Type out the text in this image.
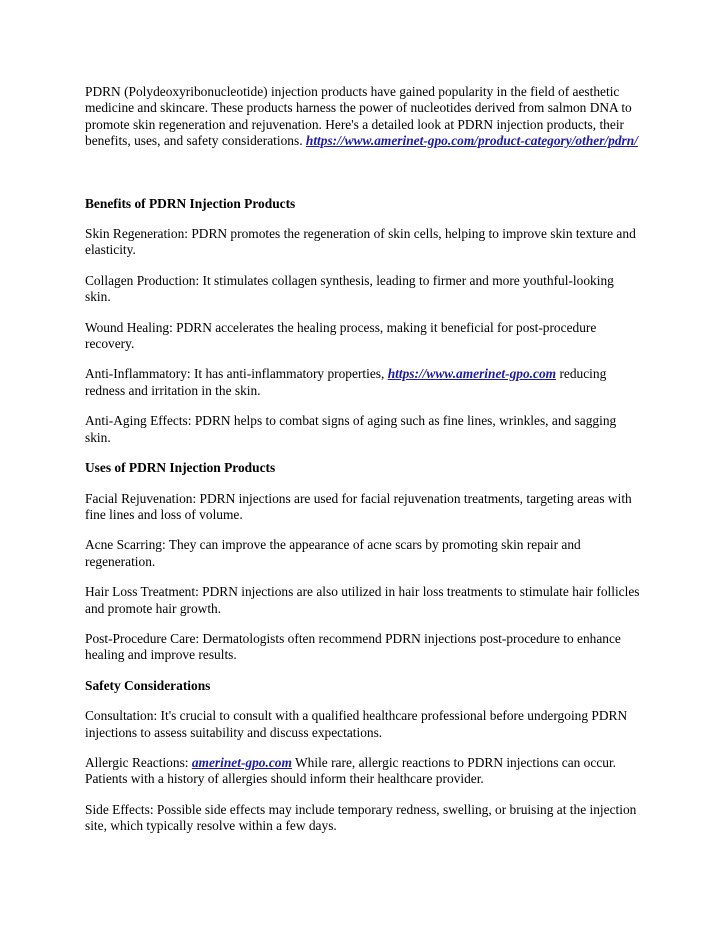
PDRN (Polydeoxyribonucleotide) injection products have gained popularity in the field of aesthetic medicine and skincare. These products harness the power of nucleotides derived from salmon DNA to promote skin regeneration and rejuvenation. Here's a detailed look at PDRN injection products, their benefits, uses, and safety considerations. https://www.amerinet-gpo.com/product-category/other/pdrn/

Benefits of PDRN Injection Products

Skin Regeneration: PDRN promotes the regeneration of skin cells, helping to improve skin texture and elasticity.

Collagen Production: It stimulates collagen synthesis, leading to firmer and more youthful-looking skin.

Wound Healing: PDRN accelerates the healing process, making it beneficial for post-procedure recovery.

Anti-Inflammatory: It has anti-inflammatory properties, https://www.amerinet-gpo.com reducing redness and irritation in the skin.

Anti-Aging Effects: PDRN helps to combat signs of aging such as fine lines, wrinkles, and sagging skin.

Uses of PDRN Injection Products

Facial Rejuvenation: PDRN injections are used for facial rejuvenation treatments, targeting areas with fine lines and loss of volume.

Acne Scarring: They can improve the appearance of acne scars by promoting skin repair and regeneration.

Hair Loss Treatment: PDRN injections are also utilized in hair loss treatments to stimulate hair follicles and promote hair growth.

Post-Procedure Care: Dermatologists often recommend PDRN injections post-procedure to enhance healing and improve results.

Safety Considerations

Consultation: It's crucial to consult with a qualified healthcare professional before undergoing PDRN injections to assess suitability and discuss expectations.

Allergic Reactions: amerinet-gpo.com While rare, allergic reactions to PDRN injections can occur. Patients with a history of allergies should inform their healthcare provider.

Side Effects: Possible side effects may include temporary redness, swelling, or bruising at the injection site, which typically resolve within a few days.
